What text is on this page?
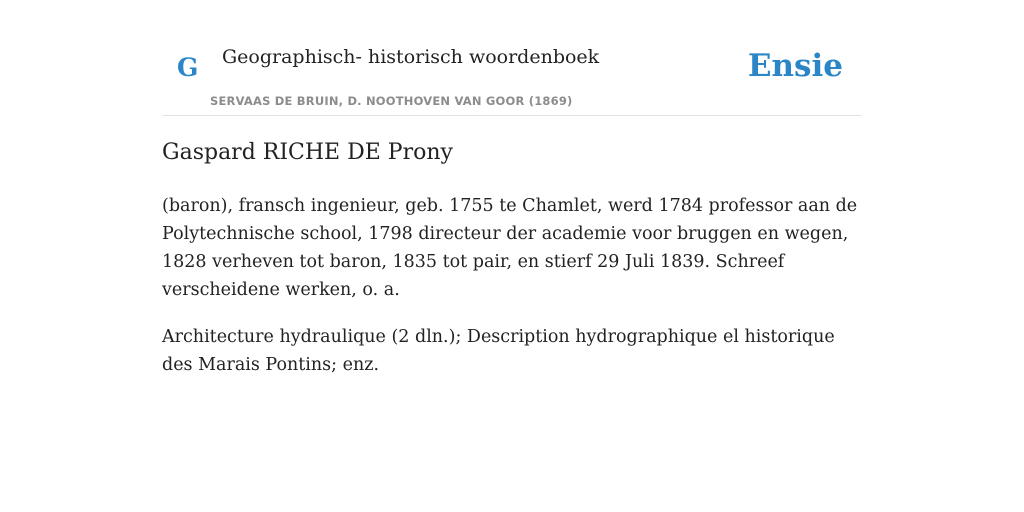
G Geographisch- historisch woordenboek
SERVAAS DE BRUIN, D. NOOTHOVEN VAN GOOR (1869)
Ensie
Gaspard RICHE DE Prony

(baron), fransch ingenieur, geb. 1755 te Chamlet, werd 1784 professor aan de Polytechnische school, 1798 directeur der academie voor bruggen en wegen, 1828 verheven tot baron, 1835 tot pair, en stierf 29 Juli 1839. Schreef verscheidene werken, o. a.

Architecture hydraulique (2 dln.); Description hydrographique el historique des Marais Pontins; enz.
